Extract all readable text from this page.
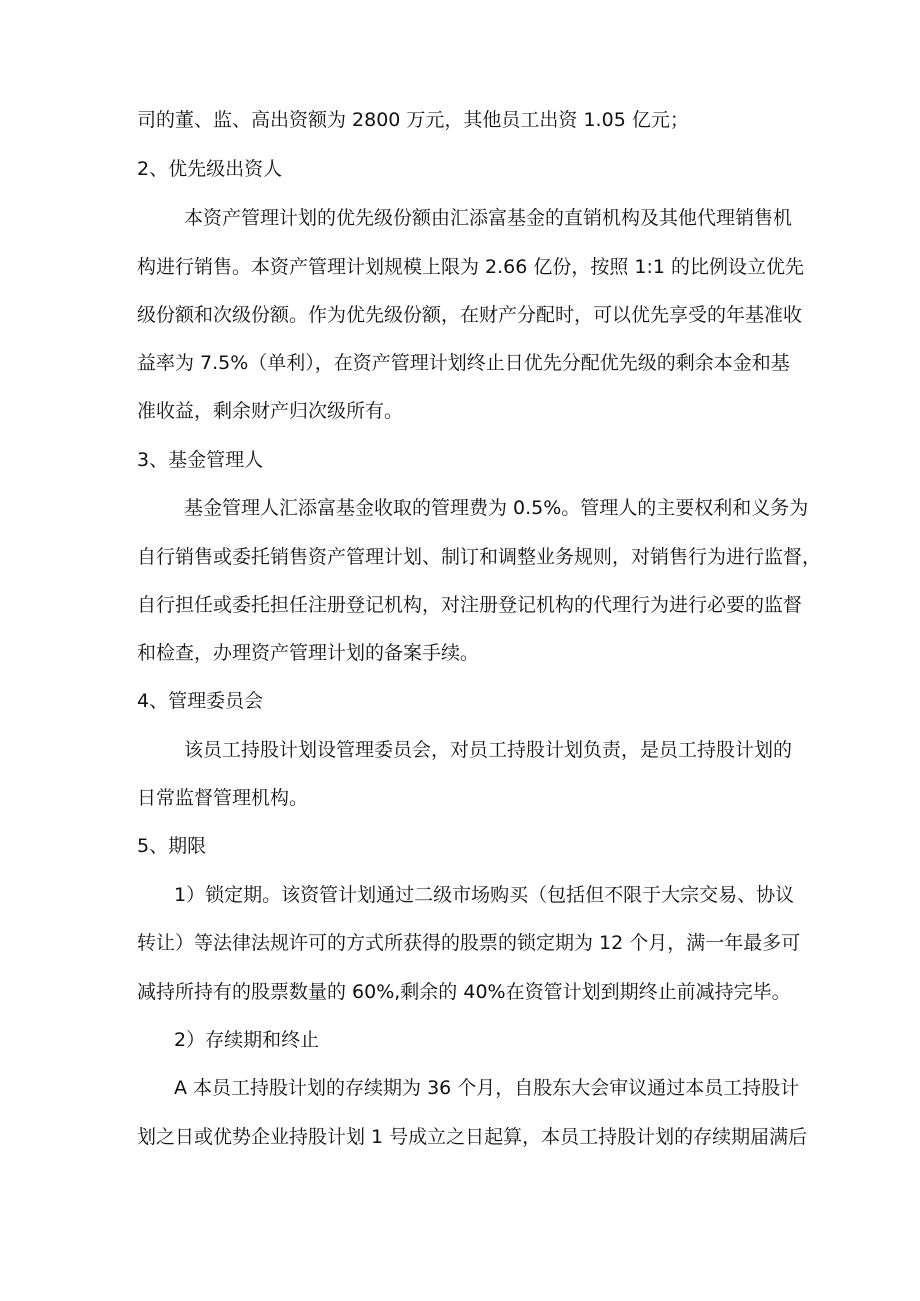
司的董、监、高出资额为 2800 万元，其他员工出资 1.05 亿元；
2、优先级出资人
本资产管理计划的优先级份额由汇添富基金的直销机构及其他代理销售机
构进行销售。本资产管理计划规模上限为 2.66 亿份，按照 1:1 的比例设立优先
级份额和次级份额。作为优先级份额，在财产分配时，可以优先享受的年基准收
益率为 7.5%（单利），在资产管理计划终止日优先分配优先级的剩余本金和基
准收益，剩余财产归次级所有。
3、基金管理人
基金管理人汇添富基金收取的管理费为 0.5%。管理人的主要权利和义务为
自行销售或委托销售资产管理计划、制订和调整业务规则，对销售行为进行监督，
自行担任或委托担任注册登记机构，对注册登记机构的代理行为进行必要的监督
和检查，办理资产管理计划的备案手续。
4、管理委员会
该员工持股计划设管理委员会，对员工持股计划负责，是员工持股计划的
日常监督管理机构。
5、期限
1）锁定期。该资管计划通过二级市场购买（包括但不限于大宗交易、协议
转让）等法律法规许可的方式所获得的股票的锁定期为 12 个月，满一年最多可
减持所持有的股票数量的 60%,剩余的 40%在资管计划到期终止前减持完毕。
2）存续期和终止
A 本员工持股计划的存续期为 36 个月，自股东大会审议通过本员工持股计
划之日或优势企业持股计划 1 号成立之日起算，本员工持股计划的存续期届满后
